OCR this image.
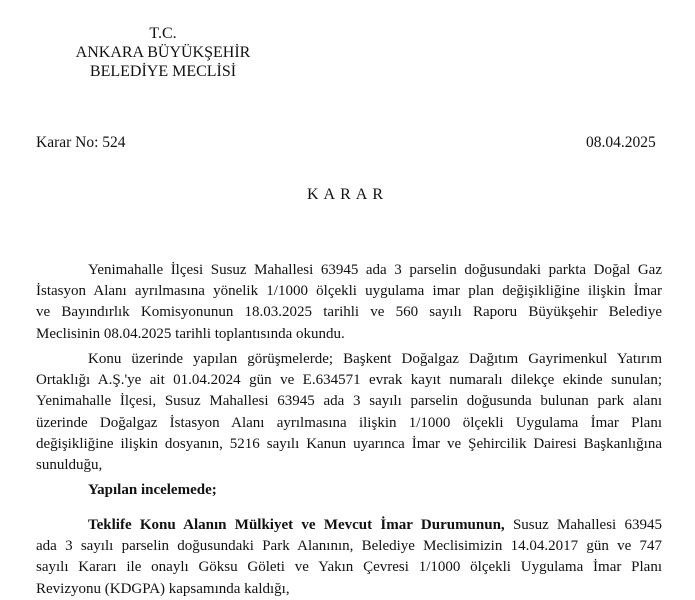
T.C.
ANKARA BÜYÜKŞEHİR
BELEDİYE MECLİSİ
Karar No: 524	08.04.2025
KARAR
Yenimahalle İlçesi Susuz Mahallesi 63945 ada 3 parselin doğusundaki parkta Doğal Gaz
İstasyon Alanı ayrılmasına yönelik 1/1000 ölçekli uygulama imar plan değişikliğine ilişkin İmar
ve Bayındırlık Komisyonunun 18.03.2025 tarihli ve 560 sayılı Raporu Büyükşehir Belediye
Meclisinin 08.04.2025 tarihli toplantısında okundu.
Konu üzerinde yapılan görüşmelerde; Başkent Doğalgaz Dağıtım Gayrimenkul Yatırım
Ortaklığı A.Ş.'ye ait 01.04.2024 gün ve E.634571 evrak kayıt numaralı dilekçe ekinde sunulan;
Yenimahalle İlçesi, Susuz Mahallesi 63945 ada 3 sayılı parselin doğusunda bulunan park alanı
üzerinde Doğalgaz İstasyon Alanı ayrılmasına ilişkin 1/1000 ölçekli Uygulama İmar Planı
değişikliğine ilişkin dosyanın, 5216 sayılı Kanun uyarınca İmar ve Şehircilik Dairesi Başkanlığına
sunulduğu,
Yapılan incelemede;
Teklife Konu Alanın Mülkiyet ve Mevcut İmar Durumunun, Susuz Mahallesi 63945
ada 3 sayılı parselin doğusundaki Park Alanının, Belediye Meclisimizin 14.04.2017 gün ve 747
sayılı Kararı ile onaylı Göksu Göleti ve Yakın Çevresi 1/1000 ölçekli Uygulama İmar Planı
Revizyonu (KDGPA) kapsamında kaldığı,
